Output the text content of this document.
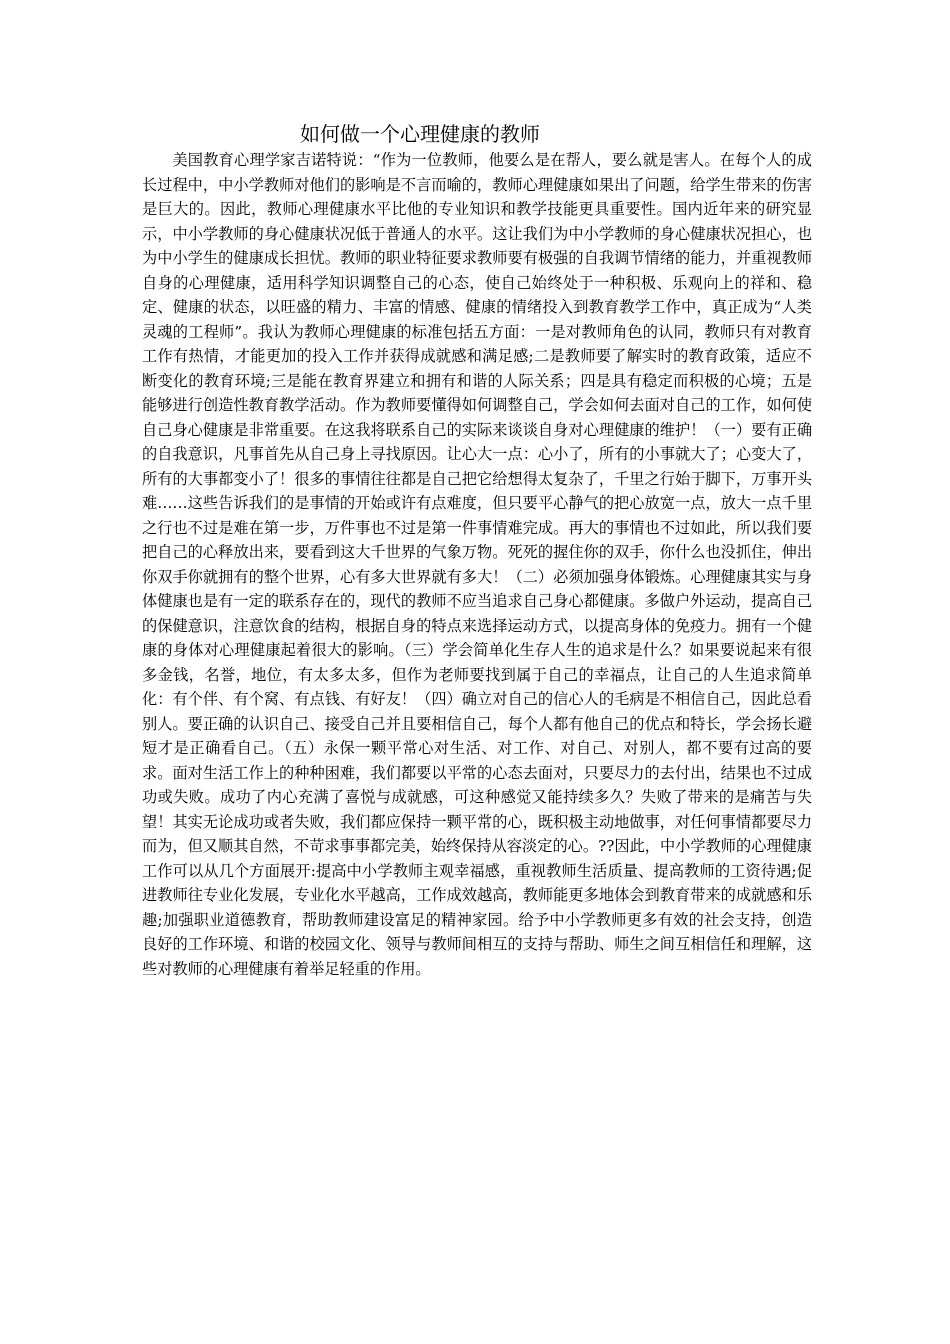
如何做一个心理健康的教师

美国教育心理学家吉诺特说：“作为一位教师，他要么是在帮人，要么就是害人。在每个人的成长过程中，中小学教师对他们的影响是不言而喻的，教师心理健康如果出了问题，给学生带来的伤害是巨大的。因此，教师心理健康水平比他的专业知识和教学技能更具重要性。国内近年来的研究显示，中小学教师的身心健康状况低于普通人的水平。这让我们为中小学教师的身心健康状况担心，也为中小学生的健康成长担忧。教师的职业特征要求教师要有极强的自我调节情绪的能力，并重视教师自身的心理健康，适用科学知识调整自己的心态，使自己始终处于一种积极、乐观向上的祥和、稳定、健康的状态，以旺盛的精力、丰富的情感、健康的情绪投入到教育教学工作中，真正成为“人类灵魂的工程师”。我认为教师心理健康的标准包括五方面：一是对教师角色的认同，教师只有对教育工作有热情，才能更加的投入工作并获得成就感和满足感;二是教师要了解实时的教育政策，适应不断变化的教育环境;三是能在教育界建立和拥有和谐的人际关系；四是具有稳定而积极的心境；五是能够进行创造性教育教学活动。作为教师要懂得如何调整自己，学会如何去面对自己的工作，如何使自己身心健康是非常重要。在这我将联系自己的实际来谈谈自身对心理健康的维护！（一）要有正确的自我意识，凡事首先从自己身上寻找原因。让心大一点：心小了，所有的小事就大了；心变大了，所有的大事都变小了！很多的事情往往都是自己把它给想得太复杂了，千里之行始于脚下，万事开头难……这些告诉我们的是事情的开始或许有点难度，但只要平心静气的把心放宽一点，放大一点千里之行也不过是难在第一步，万件事也不过是第一件事情难完成。再大的事情也不过如此，所以我们要把自己的心释放出来，要看到这大千世界的气象万物。死死的握住你的双手，你什么也没抓住，伸出你双手你就拥有的整个世界，心有多大世界就有多大！（二）必须加强身体锻炼。心理健康其实与身体健康也是有一定的联系存在的，现代的教师不应当追求自己身心都健康。多做户外运动，提高自己的保健意识，注意饮食的结构，根据自身的特点来选择运动方式，以提高身体的免疫力。拥有一个健康的身体对心理健康起着很大的影响。（三）学会简单化生存人生的追求是什么？如果要说起来有很多金钱，名誉，地位，有太多太多，但作为老师要找到属于自己的幸福点，让自己的人生追求简单化：有个伴、有个窝、有点钱、有好友！（四）确立对自己的信心人的毛病是不相信自己，因此总看别人。要正确的认识自己、接受自己并且要相信自己，每个人都有他自己的优点和特长，学会扬长避短才是正确看自己。（五）永保一颗平常心对生活、对工作、对自己、对别人，都不要有过高的要求。面对生活工作上的种种困难，我们都要以平常的心态去面对，只要尽力的去付出，结果也不过成功或失败。成功了内心充满了喜悦与成就感，可这种感觉又能持续多久？失败了带来的是痛苦与失望！其实无论成功或者失败，我们都应保持一颗平常的心，既积极主动地做事，对任何事情都要尽力而为，但又顺其自然，不苛求事事都完美，始终保持从容淡定的心。??因此，中小学教师的心理健康工作可以从几个方面展开:提高中小学教师主观幸福感，重视教师生活质量、提高教师的工资待遇;促进教师往专业化发展，专业化水平越高，工作成效越高，教师能更多地体会到教育带来的成就感和乐趣;加强职业道德教育，帮助教师建设富足的精神家园。给予中小学教师更多有效的社会支持，创造良好的工作环境、和谐的校园文化、领导与教师间相互的支持与帮助、师生之间互相信任和理解，这些对教师的心理健康有着举足轻重的作用。
